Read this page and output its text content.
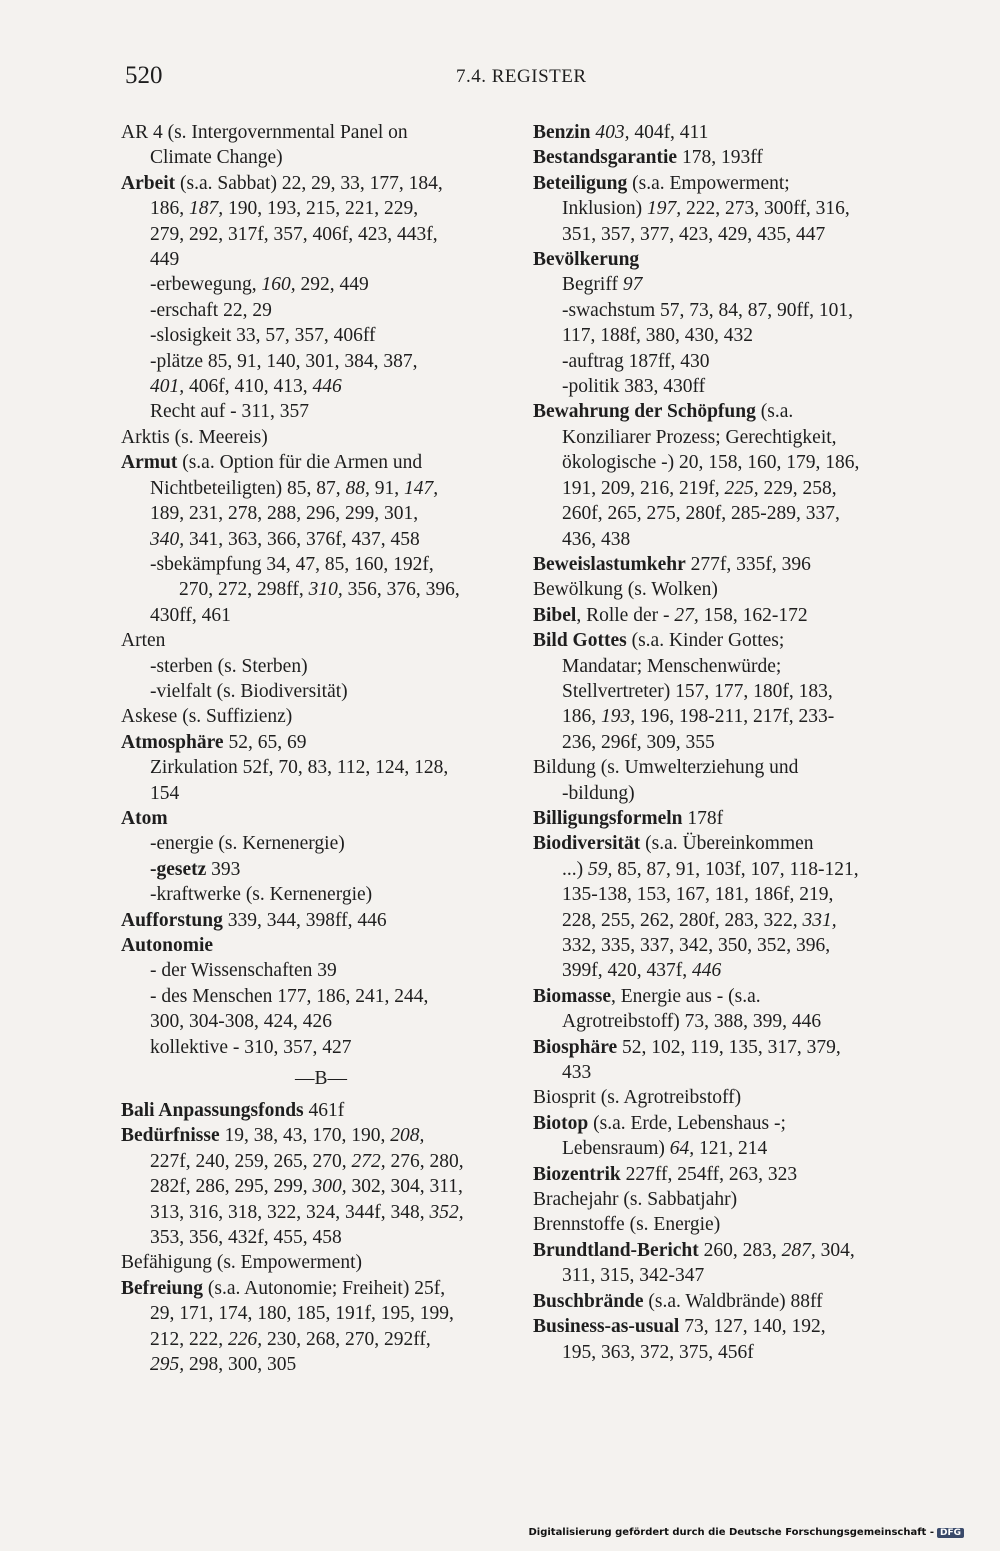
520	7.4. REGISTER
AR 4 (s. Intergovernmental Panel on
Climate Change)
Arbeit (s.a. Sabbat) 22, 29, 33, 177, 184,
186, 187, 190, 193, 215, 221, 229,
279, 292, 317f, 357, 406f, 423, 443f,
449
-erbewegung, 160, 292, 449
-erschaft 22, 29
-slosigkeit 33, 57, 357, 406ff
-plätze 85, 91, 140, 301, 384, 387,
401, 406f, 410, 413, 446
Recht auf - 311, 357
Arktis (s. Meereis)
Armut (s.a. Option für die Armen und
Nichtbeteiligten) 85, 87, 88, 91, 147,
189, 231, 278, 288, 296, 299, 301,
340, 341, 363, 366, 376f, 437, 458
-sbekämpfung 34, 47, 85, 160, 192f,
270, 272, 298ff, 310, 356, 376, 396,
430ff, 461
Arten
-sterben (s. Sterben)
-vielfalt (s. Biodiversität)
Askese (s. Suffizienz)
Atmosphäre 52, 65, 69
Zirkulation 52f, 70, 83, 112, 124, 128,
154
Atom
-energie (s. Kernenergie)
-gesetz 393
-kraftwerke (s. Kernenergie)
Aufforstung 339, 344, 398ff, 446
Autonomie
- der Wissenschaften 39
- des Menschen 177, 186, 241, 244,
300, 304-308, 424, 426
kollektive - 310, 357, 427
—B—
Bali Anpassungsfonds 461f
Bedürfnisse 19, 38, 43, 170, 190, 208,
227f, 240, 259, 265, 270, 272, 276, 280,
282f, 286, 295, 299, 300, 302, 304, 311,
313, 316, 318, 322, 324, 344f, 348, 352,
353, 356, 432f, 455, 458
Befähigung (s. Empowerment)
Befreiung (s.a. Autonomie; Freiheit) 25f,
29, 171, 174, 180, 185, 191f, 195, 199,
212, 222, 226, 230, 268, 270, 292ff,
295, 298, 300, 305
Benzin 403, 404f, 411
Bestandsgarantie 178, 193ff
Beteiligung (s.a. Empowerment;
Inklusion) 197, 222, 273, 300ff, 316,
351, 357, 377, 423, 429, 435, 447
Bevölkerung
Begriff 97
-swachstum 57, 73, 84, 87, 90ff, 101,
117, 188f, 380, 430, 432
-auftrag 187ff, 430
-politik 383, 430ff
Bewahrung der Schöpfung (s.a.
Konziliarer Prozess; Gerechtigkeit,
ökologische -) 20, 158, 160, 179, 186,
191, 209, 216, 219f, 225, 229, 258,
260f, 265, 275, 280f, 285-289, 337,
436, 438
Beweislastumkehr 277f, 335f, 396
Bewölkung (s. Wolken)
Bibel, Rolle der - 27, 158, 162-172
Bild Gottes (s.a. Kinder Gottes;
Mandatar; Menschenwürde;
Stellvertreter) 157, 177, 180f, 183,
186, 193, 196, 198-211, 217f, 233-
236, 296f, 309, 355
Bildung (s. Umwelterziehung und
-bildung)
Billigungsformeln 178f
Biodiversität (s.a. Übereinkommen
...) 59, 85, 87, 91, 103f, 107, 118-121,
135-138, 153, 167, 181, 186f, 219,
228, 255, 262, 280f, 283, 322, 331,
332, 335, 337, 342, 350, 352, 396,
399f, 420, 437f, 446
Biomasse, Energie aus - (s.a.
Agrotreibstoff) 73, 388, 399, 446
Biosphäre 52, 102, 119, 135, 317, 379,
433
Biosprit (s. Agrotreibstoff)
Biotop (s.a. Erde, Lebenshaus -;
Lebensraum) 64, 121, 214
Biozentrik 227ff, 254ff, 263, 323
Brachejahr (s. Sabbatjahr)
Brennstoffe (s. Energie)
Brundtland-Bericht 260, 283, 287, 304,
311, 315, 342-347
Buschbrände (s.a. Waldbrände) 88ff
Business-as-usual 73, 127, 140, 192,
195, 363, 372, 375, 456f
Digitalisierung gefördert durch die Deutsche Forschungsgemeinschaft - DFG
